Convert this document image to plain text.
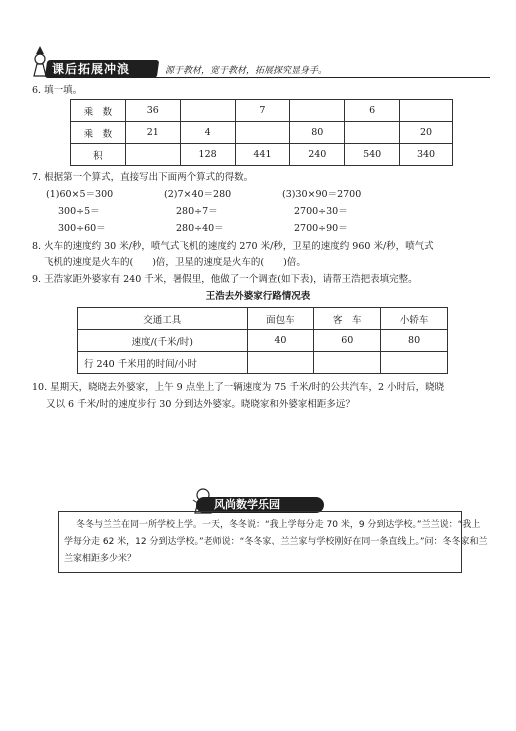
课后拓展冲浪	源于教材，宽于教材，拓展探究显身手。
6. 填一填。
乘　数	36		7		6	
乘　数	21	4		80		20
积		128	441	240	540	340
7. 根据第一个算式，直接写出下面两个算式的得数。
(1)60×5＝300
300÷5＝
300÷60＝
(2)7×40＝280
280÷7＝
280÷40＝
(3)30×90＝2700
2700÷30＝
2700÷90＝
8. 火车的速度约 30 米/秒，喷气式飞机的速度约 270 米/秒，卫星的速度约 960 米/秒，喷气式
飞机的速度是火车的(　　)倍，卫星的速度是火车的(　　)倍。
9. 王浩家距外婆家有 240 千米，暑假里，他做了一个调查(如下表)，请帮王浩把表填完整。
王浩去外婆家行路情况表
交通工具	面包车	客　车	小轿车
速度/(千米/时)	40	60	80
行 240 千米用的时间/小时			
10. 星期天，晓晓去外婆家，上午 9 点坐上了一辆速度为 75 千米/时的公共汽车，2 小时后，晓晓
又以 6 千米/时的速度步行 30 分到达外婆家。晓晓家和外婆家相距多远？
风尚数学乐园
冬冬与兰兰在同一所学校上学。一天，冬冬说：“我上学每分走 70 米，9 分到达学校。”兰兰说：“我上
学每分走 62 米，12 分到达学校。”老师说：“冬冬家、兰兰家与学校刚好在同一条直线上。”问：冬冬家和兰
兰家相距多少米？
